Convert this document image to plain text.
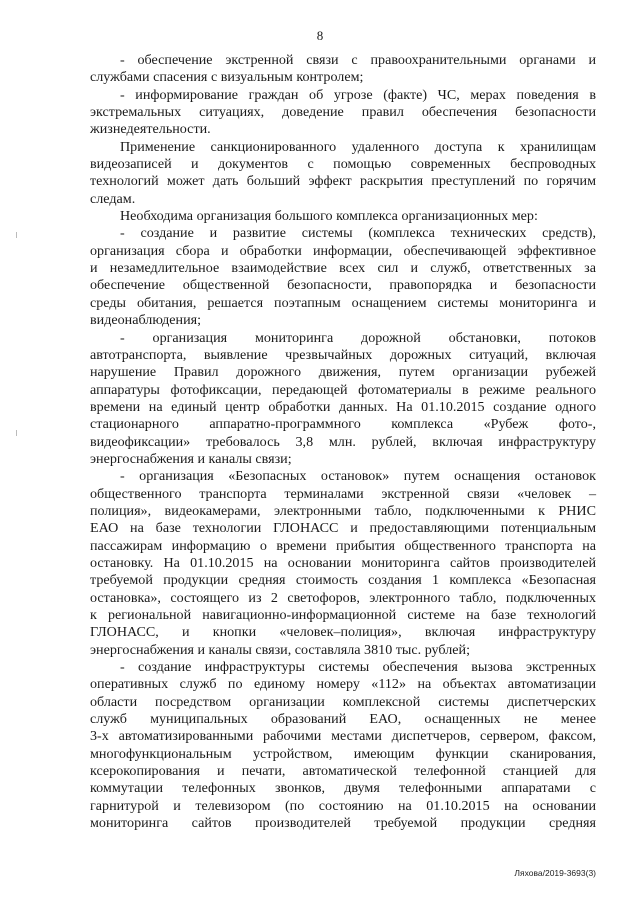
8
- обеспечение экстренной связи с правоохранительными органами и
службами спасения с визуальным контролем;
- информирование граждан об угрозе (факте) ЧС, мерах поведения в
экстремальных ситуациях, доведение правил обеспечения безопасности
жизнедеятельности.
Применение санкционированного удаленного доступа к хранилищам
видеозаписей и документов с помощью современных беспроводных
технологий может дать больший эффект раскрытия преступлений по горячим
следам.
Необходима организация большого комплекса организационных мер:
- создание и развитие системы (комплекса технических средств),
организация сбора и обработки информации, обеспечивающей эффективное
и незамедлительное взаимодействие всех сил и служб, ответственных за
обеспечение общественной безопасности, правопорядка и безопасности
среды обитания, решается поэтапным оснащением системы мониторинга и
видеонаблюдения;
- организация мониторинга дорожной обстановки, потоков
автотранспорта, выявление чрезвычайных дорожных ситуаций, включая
нарушение Правил дорожного движения, путем организации рубежей
аппаратуры фотофиксации, передающей фотоматериалы в режиме реального
времени на единый центр обработки данных. На 01.10.2015 создание одного
стационарного аппаратно-программного комплекса «Рубеж фото-,
видеофиксации» требовалось 3,8 млн. рублей, включая инфраструктуру
энергоснабжения и каналы связи;
- организация «Безопасных остановок» путем оснащения остановок
общественного транспорта терминалами экстренной связи «человек –
полиция», видеокамерами, электронными табло, подключенными к РНИС
ЕАО на базе технологии ГЛОНАСС и предоставляющими потенциальным
пассажирам информацию о времени прибытия общественного транспорта на
остановку. На 01.10.2015 на основании мониторинга сайтов производителей
требуемой продукции средняя стоимость создания 1 комплекса «Безопасная
остановка», состоящего из 2 светофоров, электронного табло, подключенных
к региональной навигационно-информационной системе на базе технологий
ГЛОНАСС, и кнопки «человек–полиция», включая инфраструктуру
энергоснабжения и каналы связи, составляла 3810 тыс. рублей;
- создание инфраструктуры системы обеспечения вызова экстренных
оперативных служб по единому номеру «112» на объектах автоматизации
области посредством организации комплексной системы диспетчерских
служб муниципальных образований ЕАО, оснащенных не менее
3-х автоматизированными рабочими местами диспетчеров, сервером, факсом,
многофункциональным устройством, имеющим функции сканирования,
ксерокопирования и печати, автоматической телефонной станцией для
коммутации телефонных звонков, двумя телефонными аппаратами с
гарнитурой и телевизором (по состоянию на 01.10.2015 на основании
мониторинга сайтов производителей требуемой продукции средняя
Ляхова/2019-3693(3)
